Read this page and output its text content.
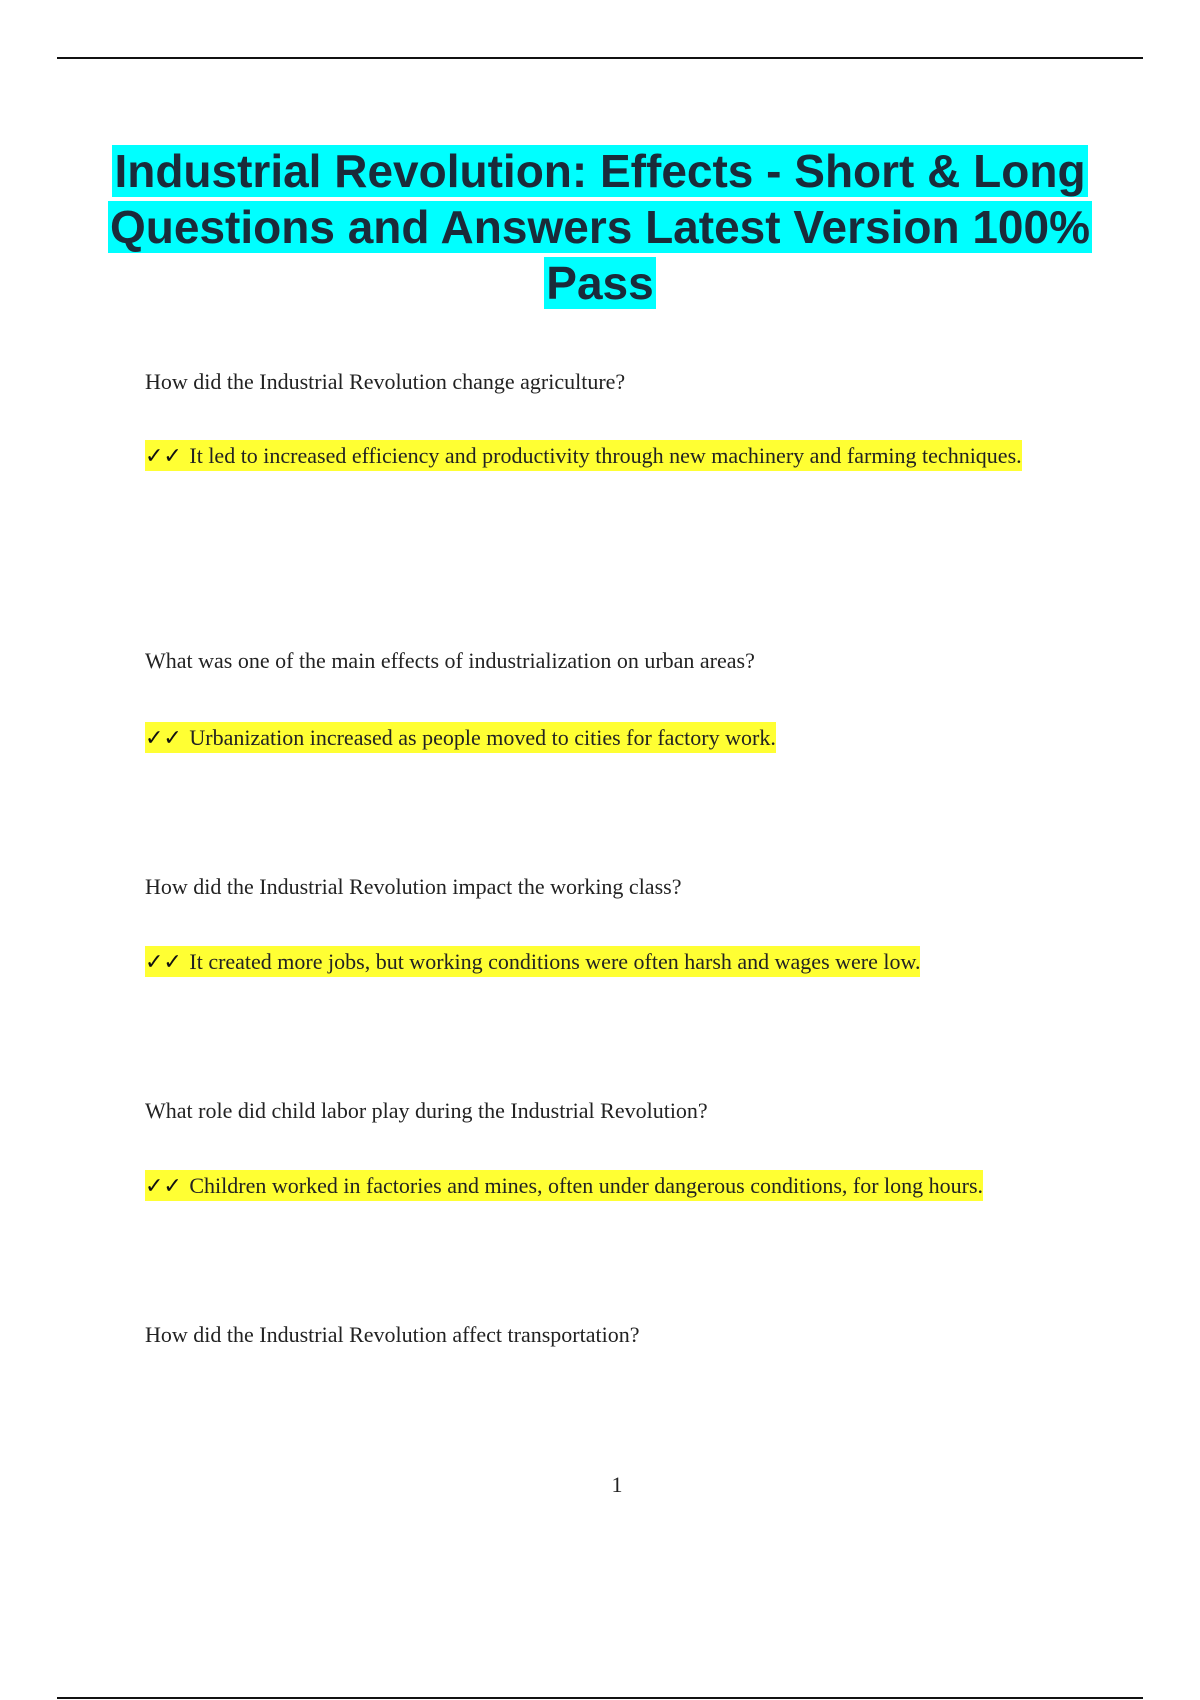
Industrial Revolution: Effects - Short & Long Questions and Answers Latest Version 100% Pass
How did the Industrial Revolution change agriculture?
✓✓ It led to increased efficiency and productivity through new machinery and farming techniques.
What was one of the main effects of industrialization on urban areas?
✓✓ Urbanization increased as people moved to cities for factory work.
How did the Industrial Revolution impact the working class?
✓✓ It created more jobs, but working conditions were often harsh and wages were low.
What role did child labor play during the Industrial Revolution?
✓✓ Children worked in factories and mines, often under dangerous conditions, for long hours.
How did the Industrial Revolution affect transportation?
1
